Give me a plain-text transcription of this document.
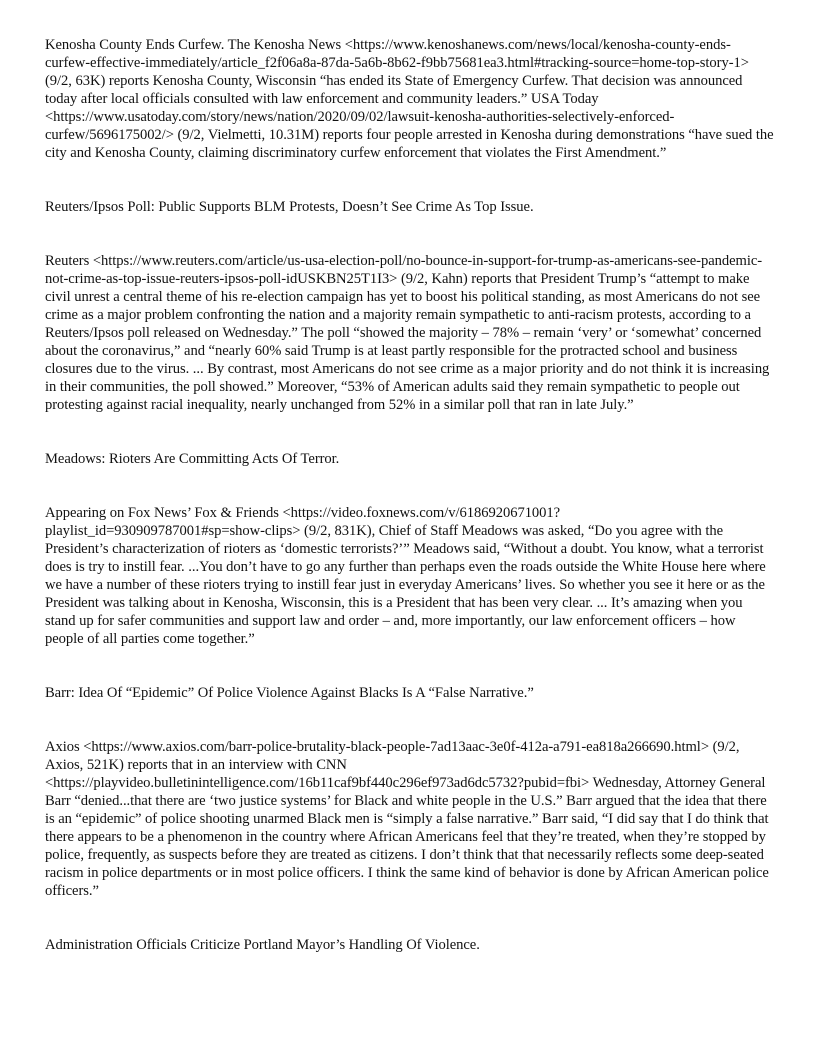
Kenosha County Ends Curfew. The Kenosha News <https://www.kenoshanews.com/news/local/kenosha-county-ends-curfew-effective-immediately/article_f2f06a8a-87da-5a6b-8b62-f9bb75681ea3.html#tracking-source=home-top-story-1> (9/2, 63K) reports Kenosha County, Wisconsin “has ended its State of Emergency Curfew. That decision was announced today after local officials consulted with law enforcement and community leaders.” USA Today <https://www.usatoday.com/story/news/nation/2020/09/02/lawsuit-kenosha-authorities-selectively-enforced-curfew/5696175002/> (9/2, Vielmetti, 10.31M) reports four people arrested in Kenosha during demonstrations “have sued the city and Kenosha County, claiming discriminatory curfew enforcement that violates the First Amendment.”

Reuters/Ipsos Poll: Public Supports BLM Protests, Doesn’t See Crime As Top Issue.

Reuters <https://www.reuters.com/article/us-usa-election-poll/no-bounce-in-support-for-trump-as-americans-see-pandemic-not-crime-as-top-issue-reuters-ipsos-poll-idUSKBN25T1I3> (9/2, Kahn) reports that President Trump’s “attempt to make civil unrest a central theme of his re-election campaign has yet to boost his political standing, as most Americans do not see crime as a major problem confronting the nation and a majority remain sympathetic to anti-racism protests, according to a Reuters/Ipsos poll released on Wednesday.” The poll “showed the majority – 78% – remain ‘very’ or ‘somewhat’ concerned about the coronavirus,” and “nearly 60% said Trump is at least partly responsible for the protracted school and business closures due to the virus. ... By contrast, most Americans do not see crime as a major priority and do not think it is increasing in their communities, the poll showed.” Moreover, “53% of American adults said they remain sympathetic to people out protesting against racial inequality, nearly unchanged from 52% in a similar poll that ran in late July.”

Meadows: Rioters Are Committing Acts Of Terror.

Appearing on Fox News’ Fox & Friends <https://video.foxnews.com/v/6186920671001?playlist_id=930909787001#sp=show-clips> (9/2, 831K), Chief of Staff Meadows was asked, “Do you agree with the President’s characterization of rioters as ‘domestic terrorists?’” Meadows said, “Without a doubt. You know, what a terrorist does is try to instill fear. ...You don’t have to go any further than perhaps even the roads outside the White House here where we have a number of these rioters trying to instill fear just in everyday Americans’ lives. So whether you see it here or as the President was talking about in Kenosha, Wisconsin, this is a President that has been very clear. ... It’s amazing when you stand up for safer communities and support law and order – and, more importantly, our law enforcement officers – how people of all parties come together.”

Barr: Idea Of “Epidemic” Of Police Violence Against Blacks Is A “False Narrative.”

Axios <https://www.axios.com/barr-police-brutality-black-people-7ad13aac-3e0f-412a-a791-ea818a266690.html> (9/2, Axios, 521K) reports that in an interview with CNN <https://playvideo.bulletinintelligence.com/16b11caf9bf440c296ef973ad6dc5732?pubid=fbi> Wednesday, Attorney General Barr “denied...that there are ‘two justice systems’ for Black and white people in the U.S.” Barr argued that the idea that there is an “epidemic” of police shooting unarmed Black men is “simply a false narrative.” Barr said, “I did say that I do think that there appears to be a phenomenon in the country where African Americans feel that they’re treated, when they’re stopped by police, frequently, as suspects before they are treated as citizens. I don’t think that that necessarily reflects some deep-seated racism in police departments or in most police officers. I think the same kind of behavior is done by African American police officers.”

Administration Officials Criticize Portland Mayor’s Handling Of Violence.
